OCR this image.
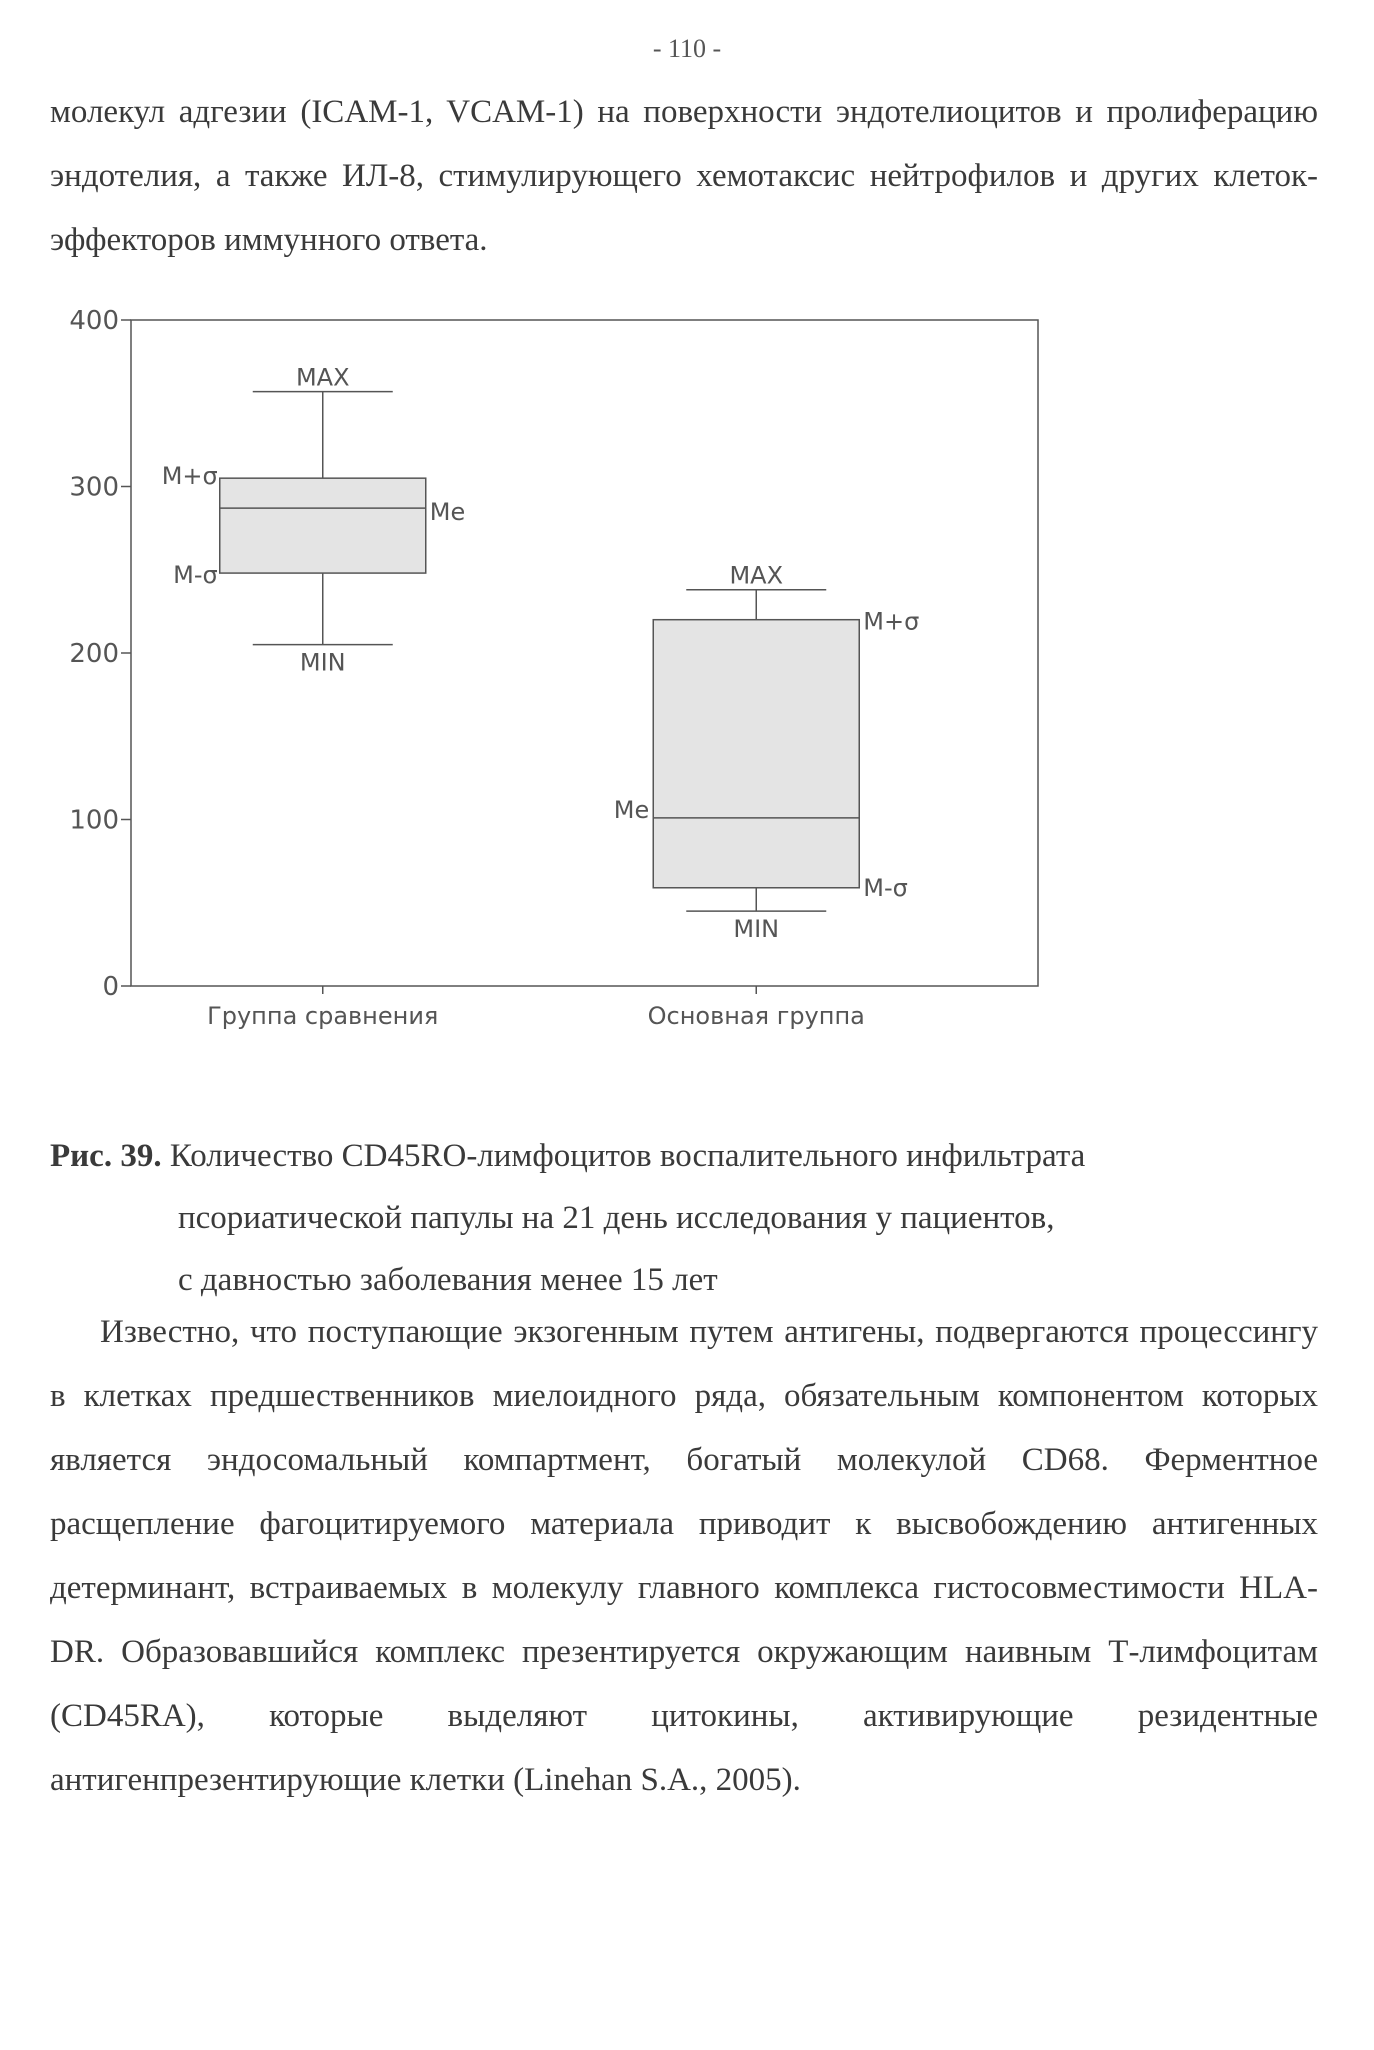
- 110 -

молекул адгезии (ICAM-1, VCAM-1) на поверхности эндотелиоцитов и пролиферацию эндотелия, а также ИЛ-8, стимулирующего хемотаксис нейтрофилов и других клеток-эффекторов иммунного ответа.

0
100
200
300
400
MAX
MIN
M+σ
M-σ
Me
MAX
MIN
M+σ
M-σ
Me
Группа сравнения	Основная группа
Рис. 39. Количество CD45RO-лимфоцитов воспалительного инфильтрата
псориатической папулы на 21 день исследования у пациентов,
с давностью заболевания менее 15 лет

Известно, что поступающие экзогенным путем антигены, подвергаются процессингу в клетках предшественников миелоидного ряда, обязательным компонентом которых является эндосомальный компартмент, богатый молекулой CD68. Ферментное расщепление фагоцитируемого материала приводит к высвобождению антигенных детерминант, встраиваемых в молекулу главного комплекса гистосовместимости HLA-DR. Образовавшийся комплекс презентируется окружающим наивным Т-лимфоцитам (CD45RA), которые выделяют цитокины, активирующие резидентные антигенпрезентирующие клетки (Linehan S.A., 2005).
